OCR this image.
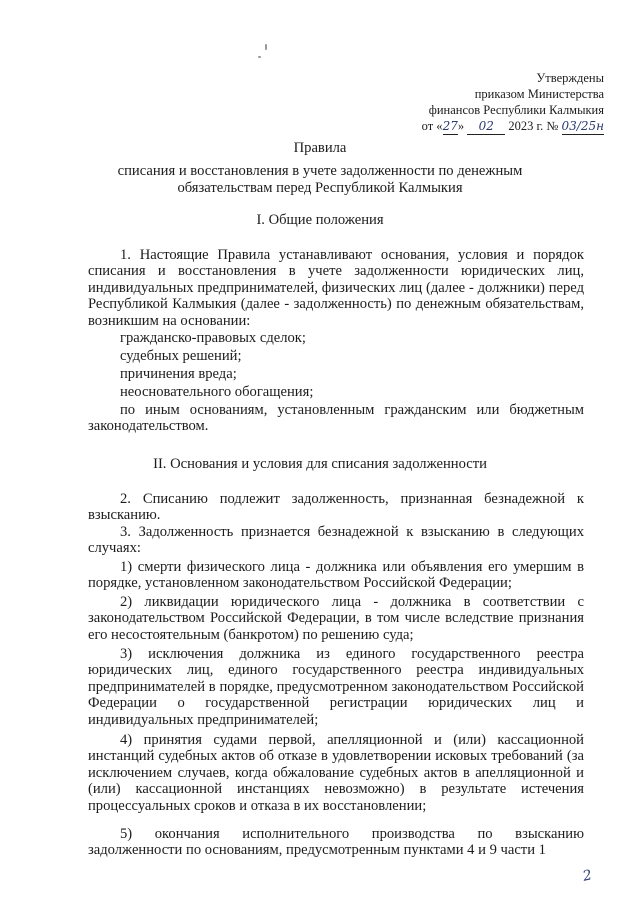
Утверждены
приказом Министерства
финансов Республики Калмыкия
от «27» 02 2023 г. № 03/25н
Правила
списания и восстановления в учете задолженности по денежным
обязательствам перед Республикой Калмыкия
I. Общие положения
1. Настоящие Правила устанавливают основания, условия и порядок списания и восстановления в учете задолженности юридических лиц, индивидуальных предпринимателей, физических лиц (далее - должники) перед Республикой Калмыкия (далее - задолженность) по денежным обязательствам, возникшим на основании:
гражданско-правовых сделок;
судебных решений;
причинения вреда;
неосновательного обогащения;
по иным основаниям, установленным гражданским или бюджетным законодательством.
II. Основания и условия для списания задолженности
2. Списанию подлежит задолженность, признанная безнадежной к взысканию.
3. Задолженность признается безнадежной к взысканию в следующих случаях:
1) смерти физического лица - должника или объявления его умершим в порядке, установленном законодательством Российской Федерации;
2) ликвидации юридического лица - должника в соответствии с законодательством Российской Федерации, в том числе вследствие признания его несостоятельным (банкротом) по решению суда;
3) исключения должника из единого государственного реестра юридических лиц, единого государственного реестра индивидуальных предпринимателей в порядке, предусмотренном законодательством Российской Федерации о государственной регистрации юридических лиц и индивидуальных предпринимателей;
4) принятия судами первой, апелляционной и (или) кассационной инстанций судебных актов об отказе в удовлетворении исковых требований (за исключением случаев, когда обжалование судебных актов в апелляционной и (или) кассационной инстанциях невозможно) в результате истечения процессуальных сроков и отказа в их восстановлении;
5) окончания исполнительного производства по взысканию задолженности по основаниям, предусмотренным пунктами 4 и 9 части 1
2
